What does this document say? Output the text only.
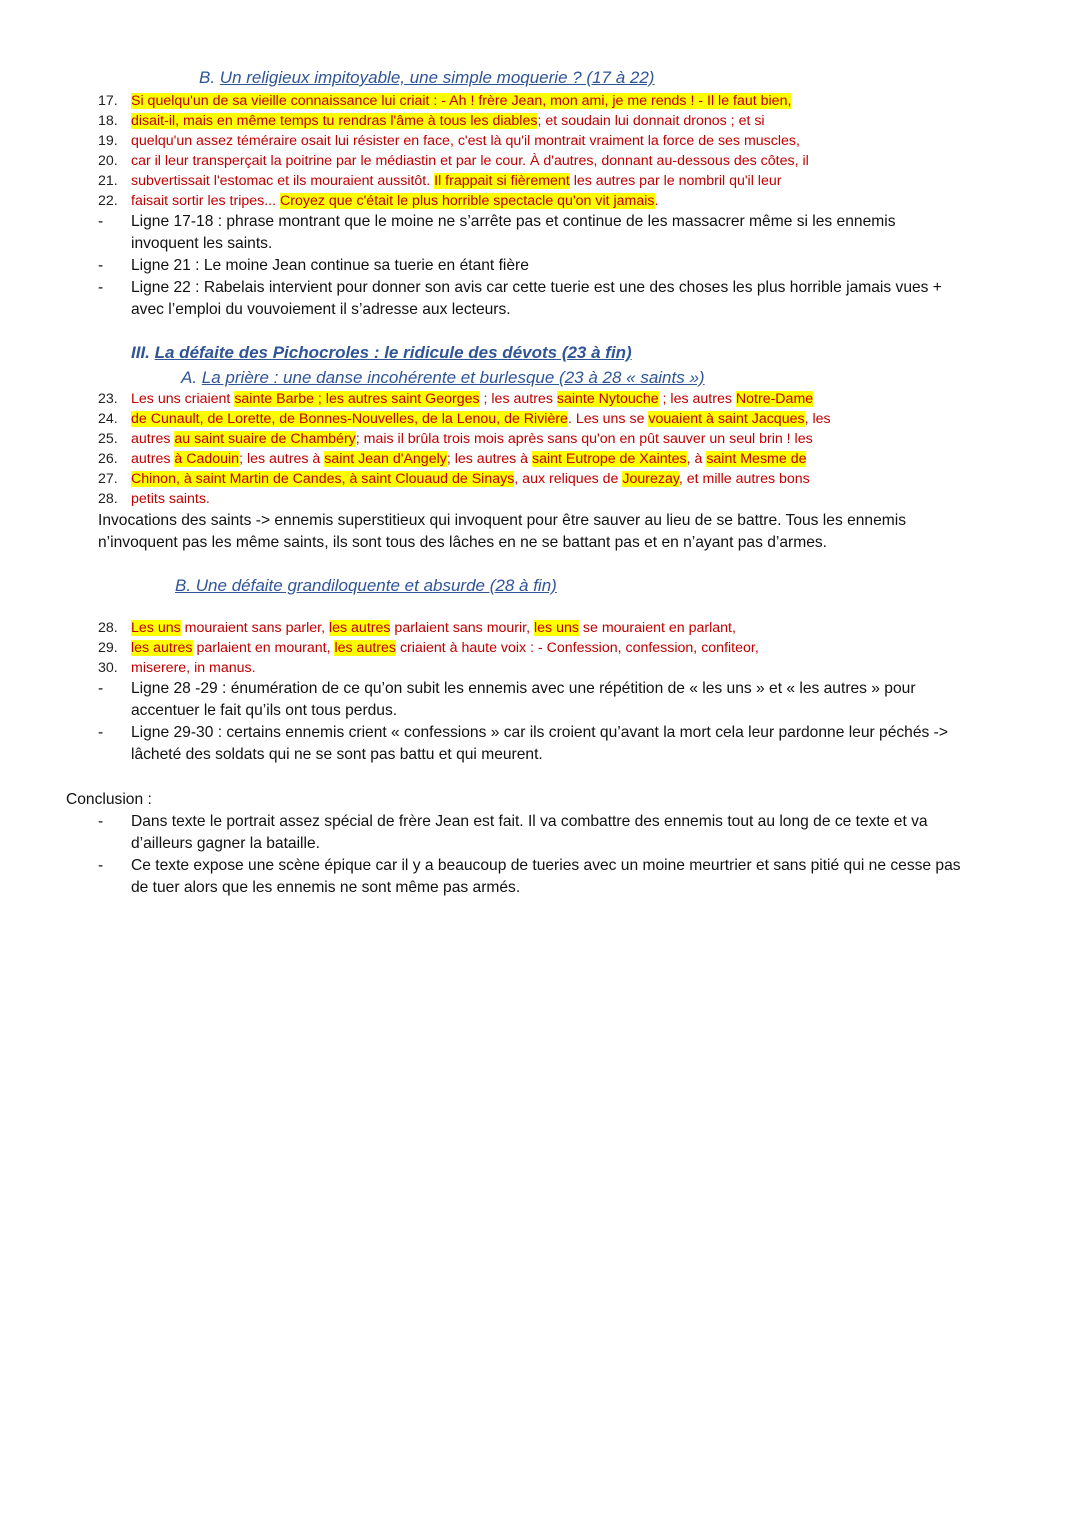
B. Un religieux impitoyable, une simple moquerie ? (17 à 22)
17. Si quelqu'un de sa vieille connaissance lui criait : - Ah ! frère Jean, mon ami, je me rends ! - Il le faut bien,
18. disait-il, mais en même temps tu rendras l'âme à tous les diables; et soudain lui donnait dronos ; et si
19. quelqu'un assez téméraire osait lui résister en face, c'est là qu'il montrait vraiment la force de ses muscles,
20. car il leur transperçait la poitrine par le médiastin et par le cour. À d'autres, donnant au-dessous des côtes, il
21. subvertissait l'estomac et ils mouraient aussitôt. Il frappait si fièrement les autres par le nombril qu'il leur
22. faisait sortir les tripes... Croyez que c'était le plus horrible spectacle qu'on vit jamais.
- Ligne 17-18 : phrase montrant que le moine ne s’arrête pas et continue de les massacrer même si les ennemis
invoquent les saints.
- Ligne 21 : Le moine Jean continue sa tuerie en étant fière
- Ligne 22 : Rabelais intervient pour donner son avis car cette tuerie est une des choses les plus horrible jamais vues +
avec l’emploi du vouvoiement il s’adresse aux lecteurs.
III. La défaite des Pichocroles : le ridicule des dévots (23 à fin)
A. La prière : une danse incohérente et burlesque (23 à 28 « saints »)
23. Les uns criaient sainte Barbe ; les autres saint Georges ; les autres sainte Nytouche ; les autres Notre-Dame
24. de Cunault, de Lorette, de Bonnes-Nouvelles, de la Lenou, de Rivière. Les uns se vouaient à saint Jacques, les
25. autres au saint suaire de Chambéry; mais il brûla trois mois après sans qu'on en pût sauver un seul brin ! les
26. autres à Cadouin; les autres à saint Jean d'Angely; les autres à saint Eutrope de Xaintes, à saint Mesme de
27. Chinon, à saint Martin de Candes, à saint Clouaud de Sinays, aux reliques de Jourezay, et mille autres bons
28. petits saints.
Invocations des saints -> ennemis superstitieux qui invoquent pour être sauver au lieu de se battre. Tous les ennemis
n’invoquent pas les même saints, ils sont tous des lâches en ne se battant pas et en n’ayant pas d’armes.
B. Une défaite grandiloquente et absurde (28 à fin)
28. Les uns mouraient sans parler, les autres parlaient sans mourir, les uns se mouraient en parlant,
29. les autres parlaient en mourant, les autres criaient à haute voix : - Confession, confession, confiteor,
30. miserere, in manus.
- Ligne 28 -29 : énumération de ce qu’on subit les ennemis avec une répétition de « les uns » et « les autres » pour
accentuer le fait qu’ils ont tous perdus.
- Ligne 29-30 : certains ennemis crient « confessions » car ils croient qu’avant la mort cela leur pardonne leur péchés ->
lâcheté des soldats qui ne se sont pas battu et qui meurent.
Conclusion :
- Dans texte le portrait assez spécial de frère Jean est fait. Il va combattre des ennemis tout au long de ce texte et va
d’ailleurs gagner la bataille.
- Ce texte expose une scène épique car il y a beaucoup de tueries avec un moine meurtrier et sans pitié qui ne cesse pas
de tuer alors que les ennemis ne sont même pas armés.
